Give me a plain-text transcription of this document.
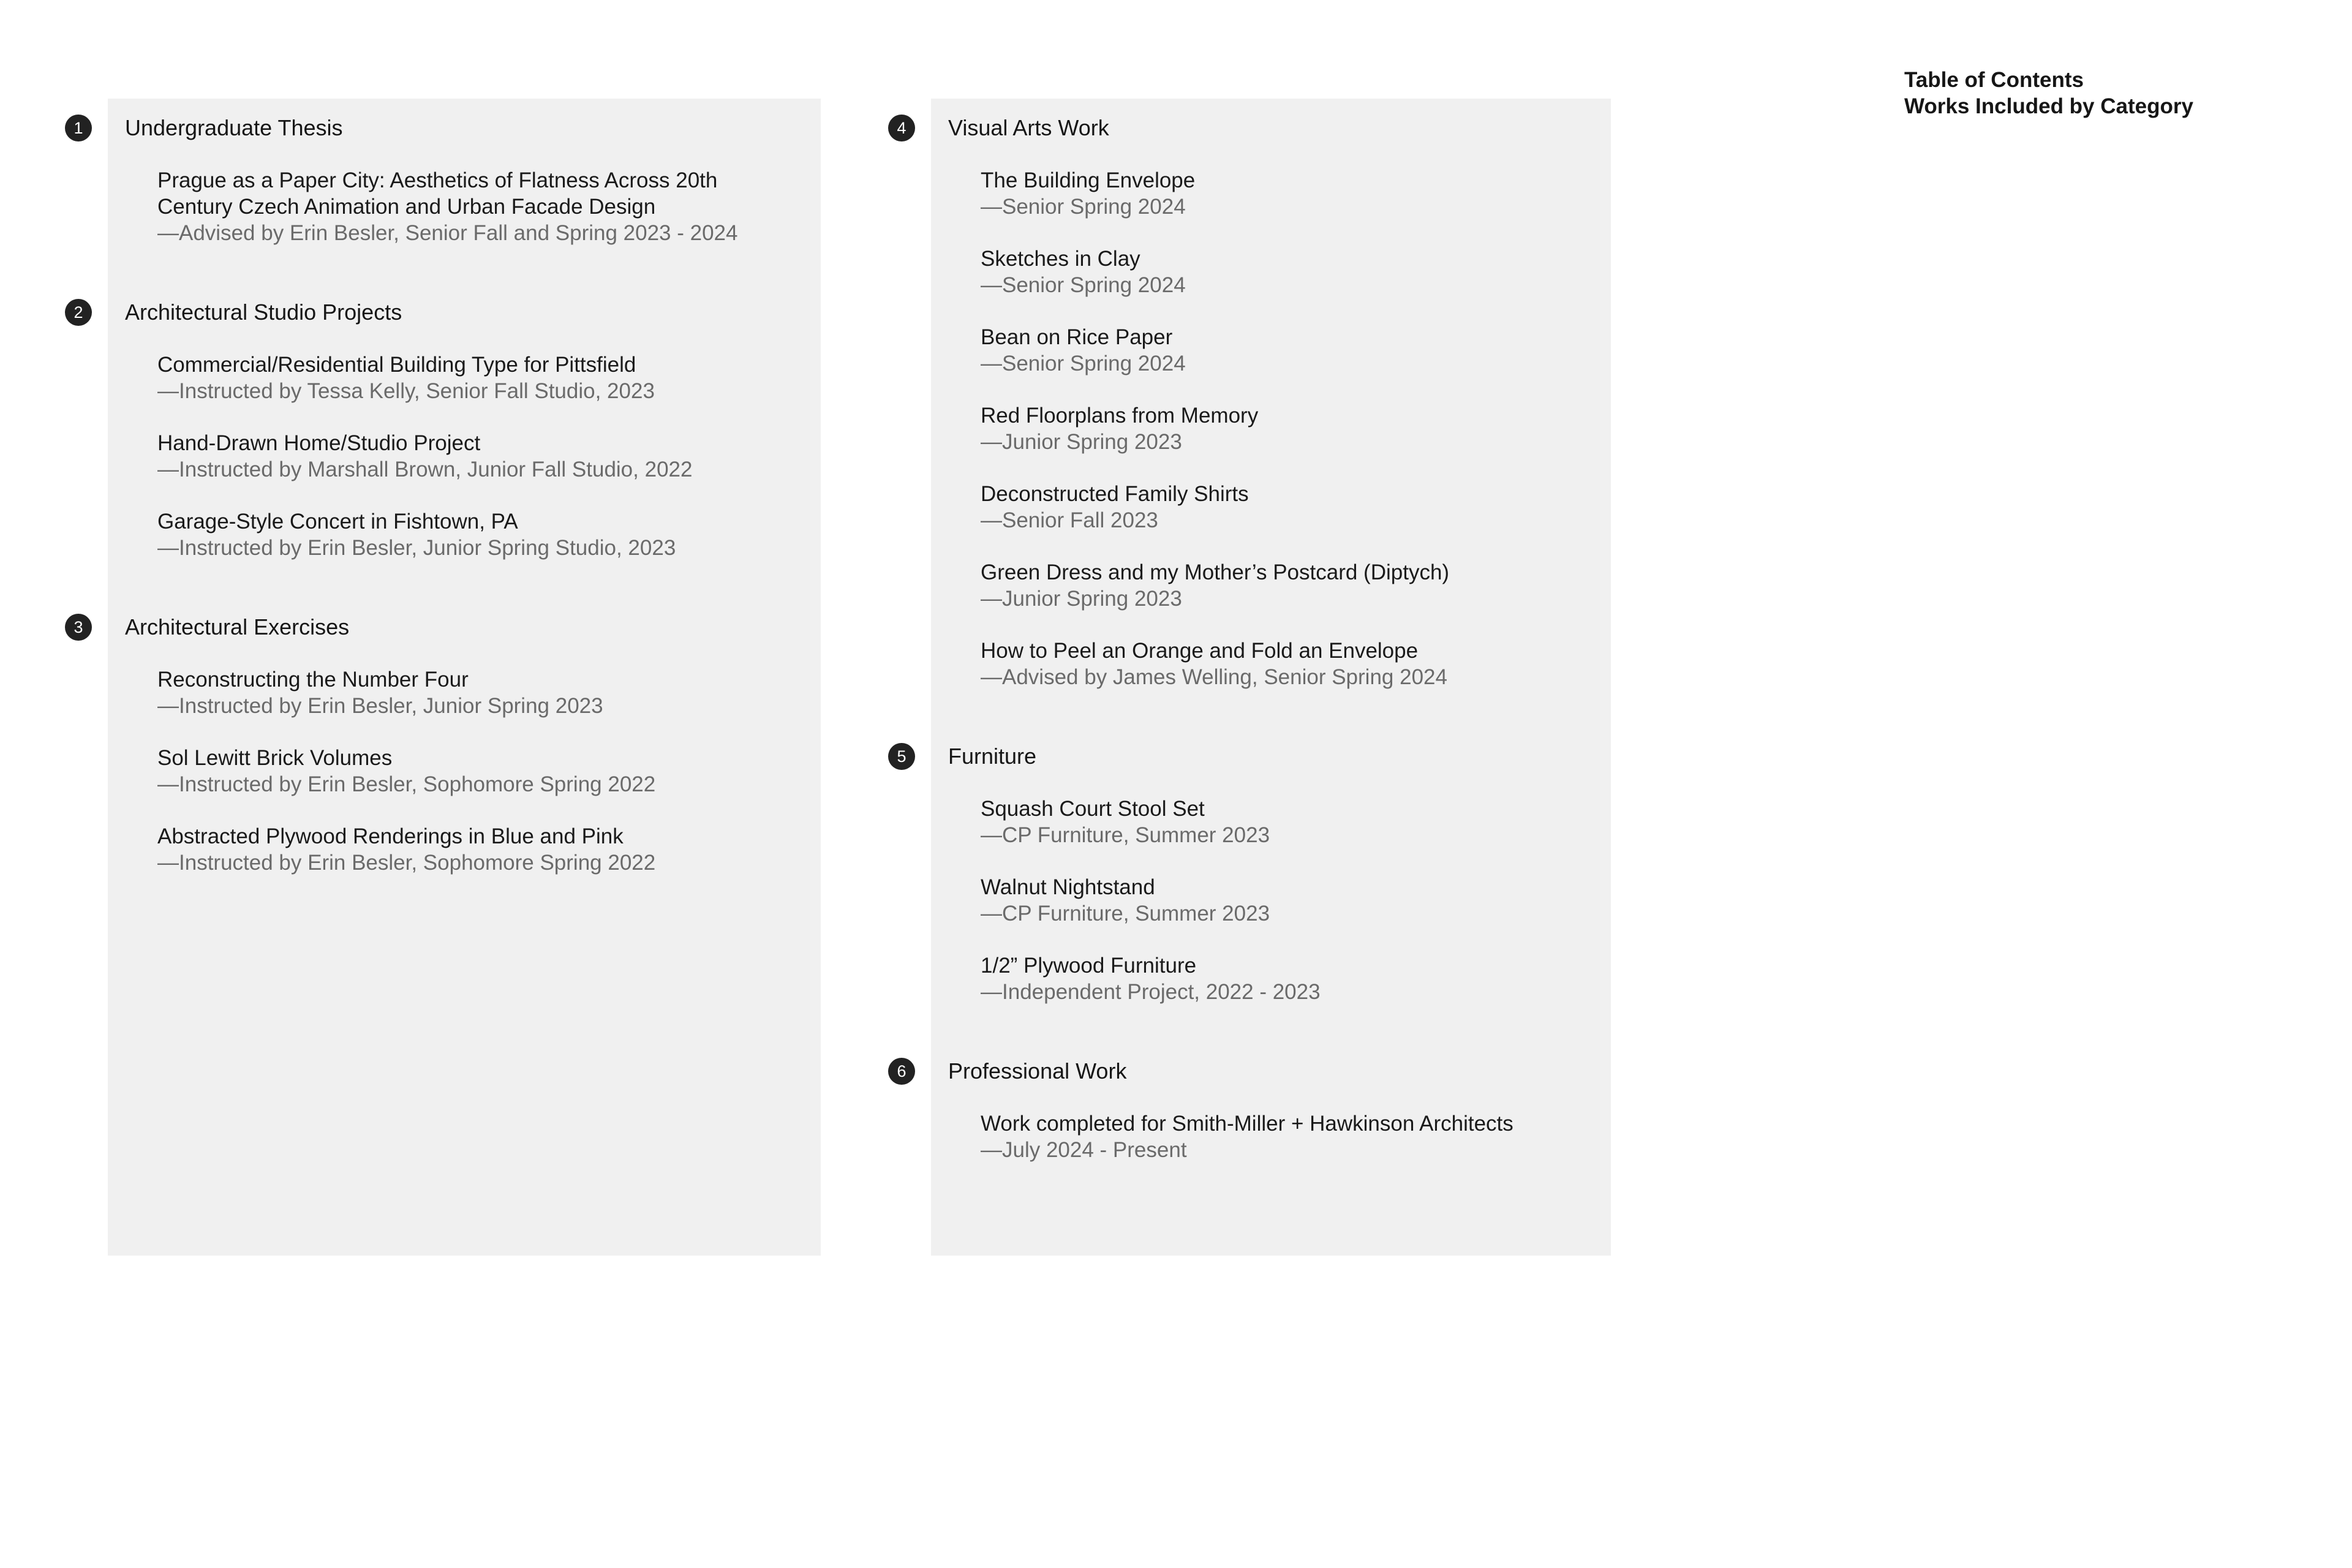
Table of Contents
Works Included by Category
1	Undergraduate Thesis
Prague as a Paper City: Aesthetics of Flatness Across 20th Century Czech Animation and Urban Facade Design
—Advised by Erin Besler, Senior Fall and Spring 2023 - 2024
2	Architectural Studio Projects
Commercial/Residential Building Type for Pittsfield
—Instructed by Tessa Kelly, Senior Fall Studio, 2023
Hand-Drawn Home/Studio Project
—Instructed by Marshall Brown, Junior Fall Studio, 2022
Garage-Style Concert in Fishtown, PA
—Instructed by Erin Besler, Junior Spring Studio, 2023
3	Architectural Exercises
Reconstructing the Number Four
—Instructed by Erin Besler, Junior Spring 2023
Sol Lewitt Brick Volumes
—Instructed by Erin Besler, Sophomore Spring 2022
Abstracted Plywood Renderings in Blue and Pink
—Instructed by Erin Besler, Sophomore Spring 2022
4	Visual Arts Work
The Building Envelope
—Senior Spring 2024
Sketches in Clay
—Senior Spring 2024
Bean on Rice Paper
—Senior Spring 2024
Red Floorplans from Memory
—Junior Spring 2023
Deconstructed Family Shirts
—Senior Fall 2023
Green Dress and my Mother’s Postcard (Diptych)
—Junior Spring 2023
How to Peel an Orange and Fold an Envelope
—Advised by James Welling, Senior Spring 2024
5	Furniture
Squash Court Stool Set
—CP Furniture, Summer 2023
Walnut Nightstand
—CP Furniture, Summer 2023
1/2” Plywood Furniture
—Independent Project, 2022 - 2023
6	Professional Work
Work completed for Smith-Miller + Hawkinson Architects
—July 2024 - Present
